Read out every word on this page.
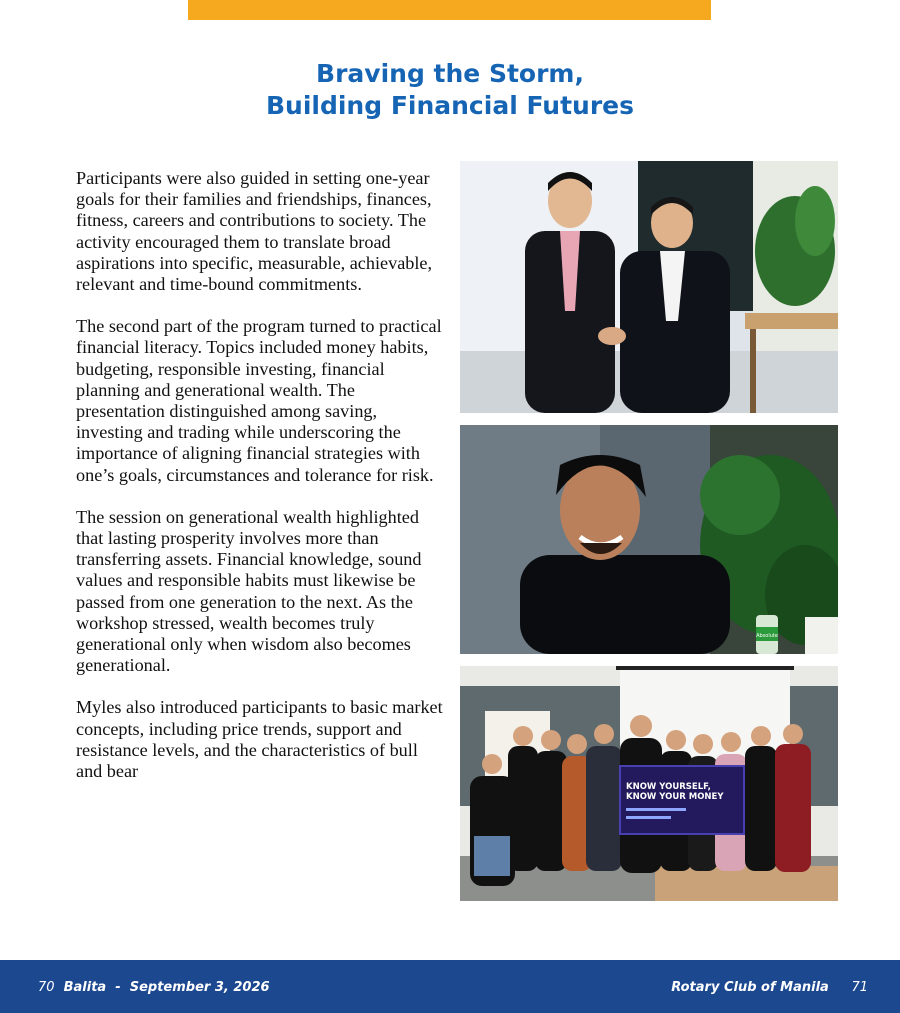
Braving the Storm,
Building Financial Futures

Participants were also guided in setting one-year goals for their families and friendships, finances, fitness, careers and contributions to society. The activity encouraged them to translate broad aspirations into specific, measurable, achievable, relevant and time-bound commitments.

The second part of the program turned to practical financial literacy. Topics included money habits, budgeting, responsible investing, financial planning and generational wealth. The presentation distinguished among saving, investing and trading while underscoring the importance of aligning financial strategies with one’s goals, circumstances and tolerance for risk.

The session on generational wealth highlighted that lasting prosperity involves more than transferring assets. Financial knowledge, sound values and responsible habits must likewise be passed from one generation to the next. As the workshop stressed, wealth becomes truly generational only when wisdom also becomes generational.

Myles also introduced participants to basic market concepts, including price trends, support and resistance levels, and the characteristics of bull and bear

Absolute
KNOW YOURSELF,
KNOW YOUR MONEY
70 Balita - September 3, 2026	Rotary Club of Manila 71
